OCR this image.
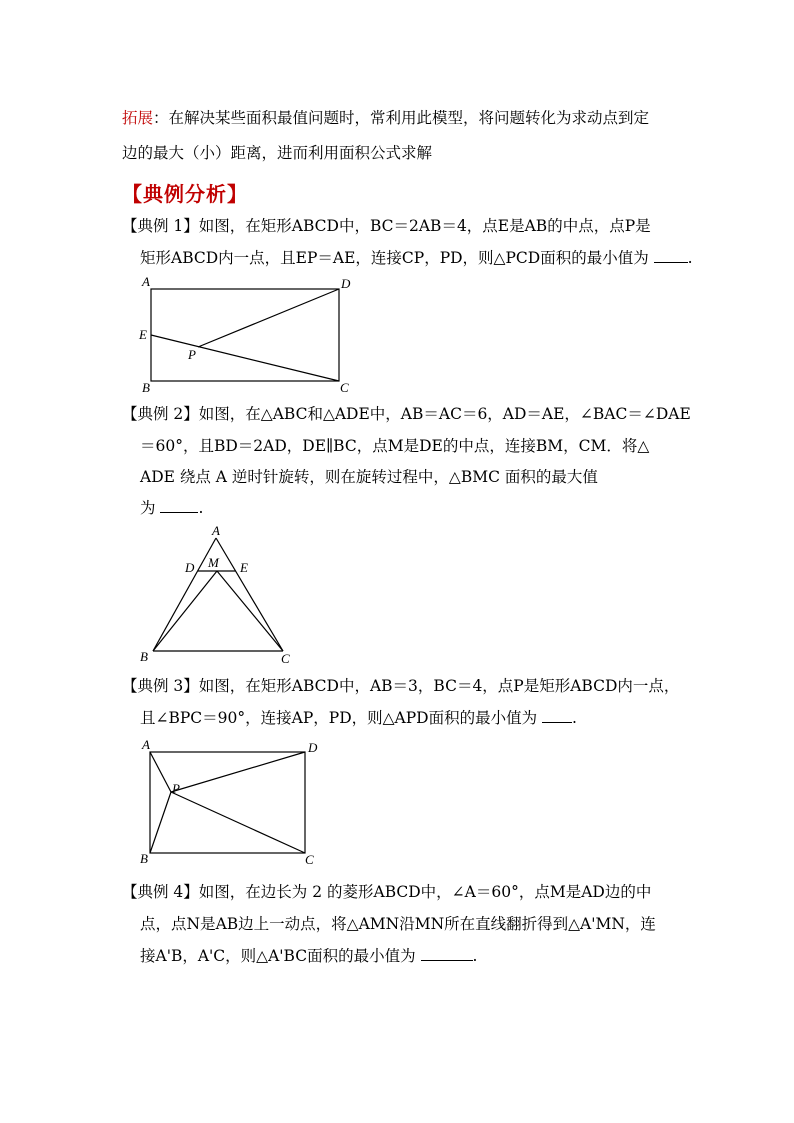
拓展：在解决某些面积最值问题时，常利用此模型，将问题转化为求动点到定
边的最大（小）距离，进而利用面积公式求解
【典例分析】
【典例 1】如图，在矩形ABCD中，BC＝2AB＝4，点E是AB的中点，点P是
矩形ABCD内一点，且EP＝AE，连接CP，PD，则△PCD面积的最小值为	.
A	D
E
P
B	C
【典例 2】如图，在△ABC和△ADE中，AB＝AC＝6，AD＝AE，∠BAC＝∠DAE
＝60°，且BD＝2AD，DE∥BC，点M是DE的中点，连接BM，CM．将△
ADE 绕点 A 逆时针旋转，则在旋转过程中，△BMC 面积的最大值
为	.
A
D M E
B	C
【典例 3】如图，在矩形ABCD中，AB＝3，BC＝4，点P是矩形ABCD内一点，
且∠BPC＝90°，连接AP，PD，则△APD面积的最小值为 .
A	D
P
B	C
【典例 4】如图，在边长为 2 的菱形ABCD中，∠A＝60°，点M是AD边的中
点，点N是AB边上一动点，将△AMN沿MN所在直线翻折得到△A'MN，连
接A'B，A'C，则△A'BC面积的最小值为	.
